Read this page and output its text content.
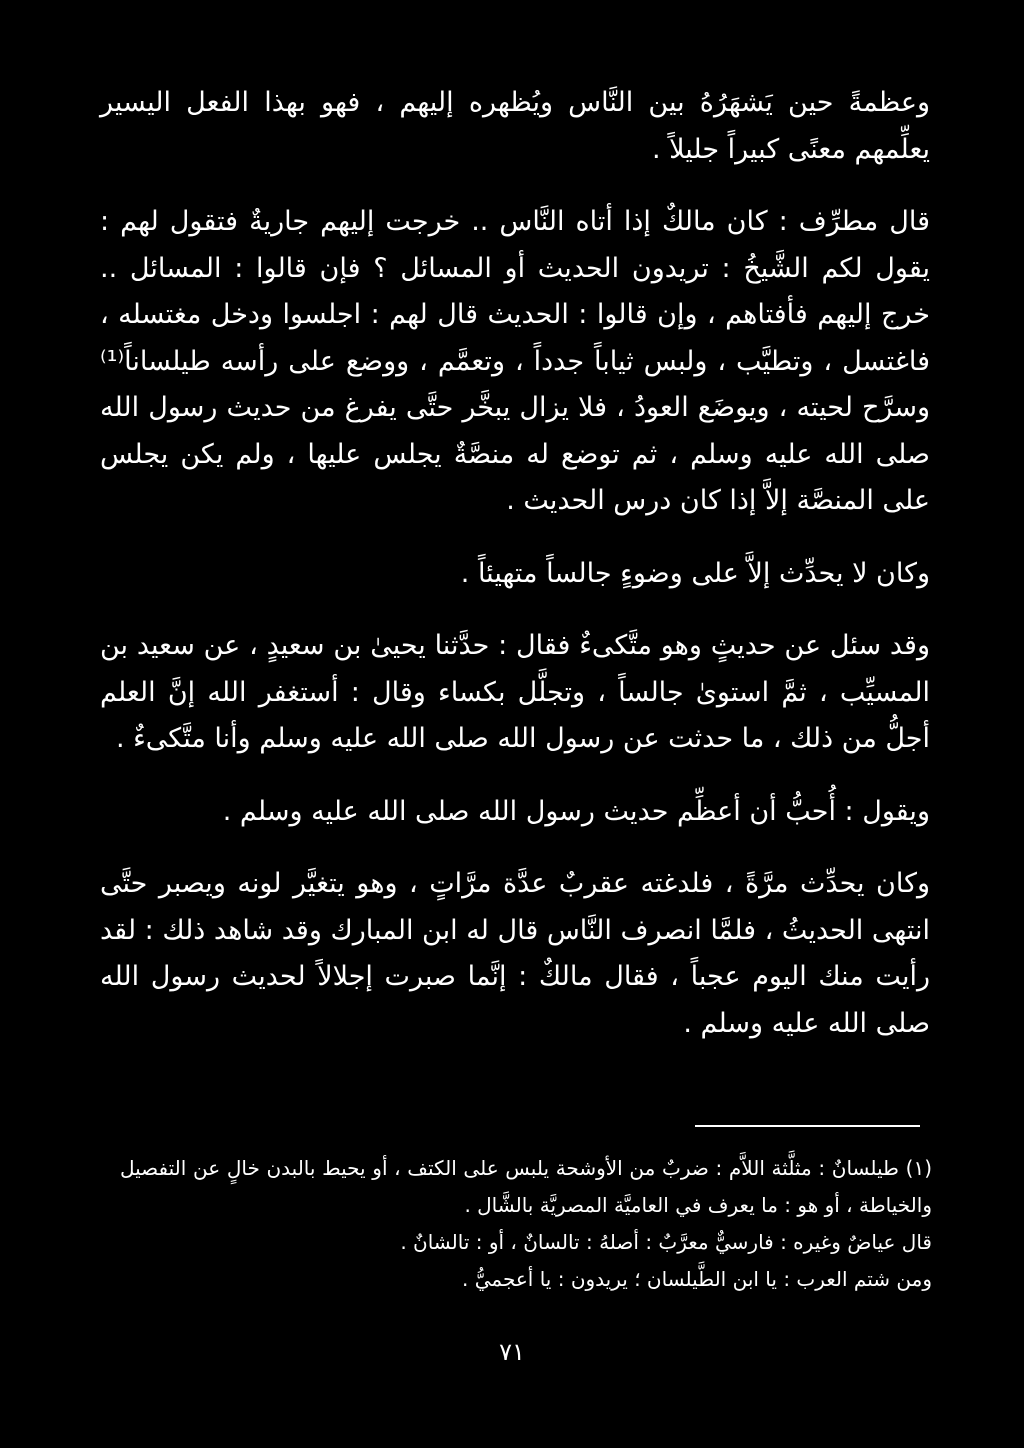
وعظمةً حين يَشهَرُهُ بين النَّاس ويُظهره إليهم ، فهو بهذا الفعل اليسير يعلِّمهم معنًى كبيراً جليلاً .

قال مطرِّف : كان مالكٌ إذا أتاه النَّاس .. خرجت إليهم جاريةٌ فتقول لهم : يقول لكم الشَّيخُ : تريدون الحديث أو المسائل ؟ فإن قالوا : المسائل .. خرج إليهم فأفتاهم ، وإن قالوا : الحديث قال لهم : اجلسوا ودخل مغتسله ، فاغتسل ، وتطيَّب ، ولبس ثياباً جدداً ، وتعمَّم ، ووضع على رأسه طيلساناً⁽¹⁾ وسرَّح لحيته ، ويوضَع العودُ ، فلا يزال يبخَّر حتَّى يفرغ من حديث رسول الله صلى الله عليه وسلم ، ثم توضع له منصَّةٌ يجلس عليها ، ولم يكن يجلس على المنصَّة إلاَّ إذا كان درس الحديث .

وكان لا يحدِّث إلاَّ على وضوءٍ جالساً متهيئاً .

وقد سئل عن حديثٍ وهو متَّكىءٌ فقال : حدَّثنا يحيىٰ بن سعيدٍ ، عن سعيد بن المسيِّب ، ثمَّ استوىٰ جالساً ، وتجلَّل بكساء وقال : أستغفر الله إنَّ العلم أجلُّ من ذلك ، ما حدثت عن رسول الله صلى الله عليه وسلم وأنا متَّكىءٌ .

ويقول : أُحبُّ أن أعظِّم حديث رسول الله صلى الله عليه وسلم .

وكان يحدِّث مرَّةً ، فلدغته عقربٌ عدَّة مرَّاتٍ ، وهو يتغيَّر لونه ويصبر حتَّى انتهى الحديثُ ، فلمَّا انصرف النَّاس قال له ابن المبارك وقد شاهد ذلك : لقد رأيت منك اليوم عجباً ، فقال مالكٌ : إنَّما صبرت إجلالاً لحديث رسول الله صلى الله عليه وسلم .

(١) طيلسانٌ : مثلَّثة اللاَّم : ضربٌ من الأوشحة يلبس على الكتف ، أو يحيط بالبدن خالٍ عن التفصيل والخياطة ، أو هو : ما يعرف في العاميَّة المصريَّة بالشَّال .

قال عياضٌ وغيره : فارسيٌّ معرَّبٌ : أصلهُ : تالسانٌ ، أو : تالشانٌ .

ومن شتم العرب : يا ابن الطَّيلسان ؛ يريدون : يا أعجميُّ .

٧١
